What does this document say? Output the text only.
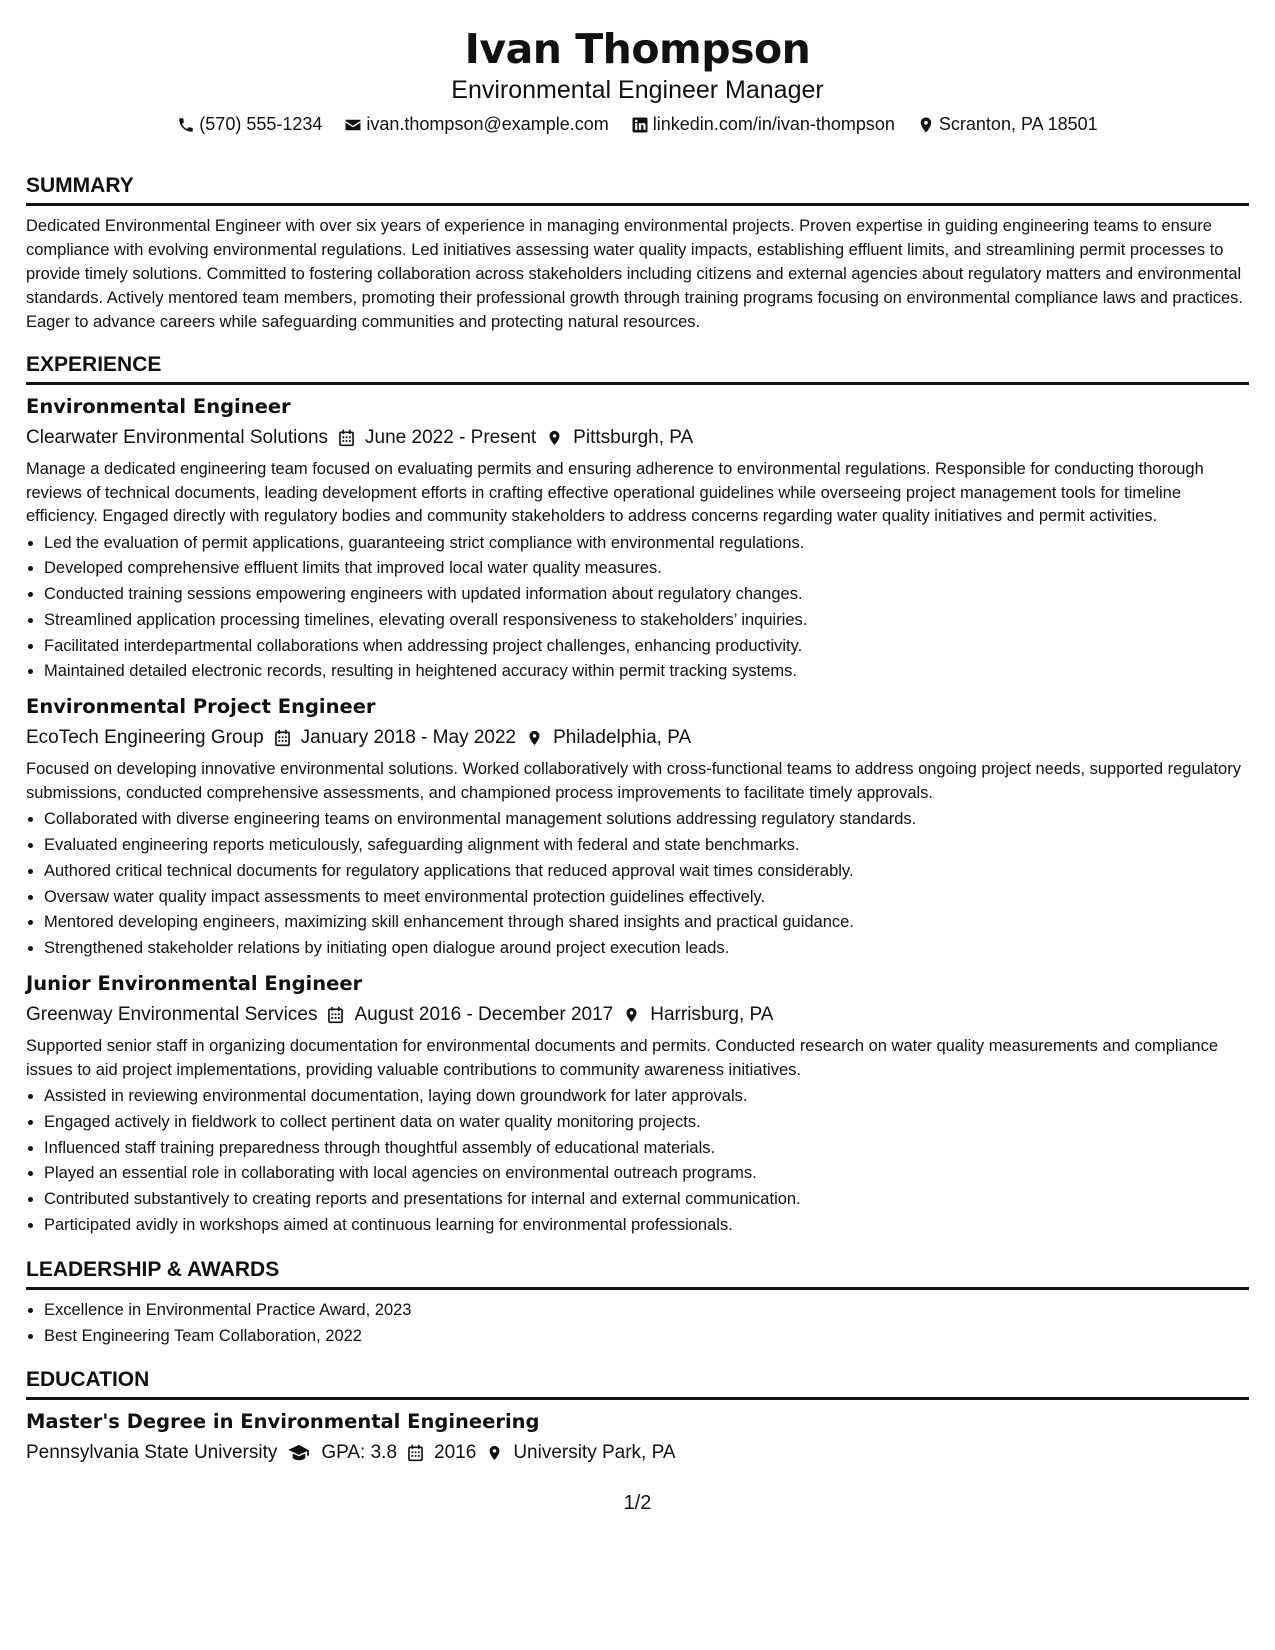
Ivan Thompson
Environmental Engineer Manager
(570) 555-1234 ivan.thompson@example.com linkedin.com/in/ivan-thompson Scranton, PA 18501
SUMMARY
Dedicated Environmental Engineer with over six years of experience in managing environmental projects. Proven expertise in guiding engineering teams to ensure compliance with evolving environmental regulations. Led initiatives assessing water quality impacts, establishing effluent limits, and streamlining permit processes to provide timely solutions. Committed to fostering collaboration across stakeholders including citizens and external agencies about regulatory matters and environmental standards. Actively mentored team members, promoting their professional growth through training programs focusing on environmental compliance laws and practices. Eager to advance careers while safeguarding communities and protecting natural resources.
EXPERIENCE
Environmental Engineer
Clearwater Environmental Solutions June 2022 - Present Pittsburgh, PA
Manage a dedicated engineering team focused on evaluating permits and ensuring adherence to environmental regulations. Responsible for conducting thorough reviews of technical documents, leading development efforts in crafting effective operational guidelines while overseeing project management tools for timeline efficiency. Engaged directly with regulatory bodies and community stakeholders to address concerns regarding water quality initiatives and permit activities.
• Led the evaluation of permit applications, guaranteeing strict compliance with environmental regulations.
• Developed comprehensive effluent limits that improved local water quality measures.
• Conducted training sessions empowering engineers with updated information about regulatory changes.
• Streamlined application processing timelines, elevating overall responsiveness to stakeholders’ inquiries.
• Facilitated interdepartmental collaborations when addressing project challenges, enhancing productivity.
• Maintained detailed electronic records, resulting in heightened accuracy within permit tracking systems.
Environmental Project Engineer
EcoTech Engineering Group January 2018 - May 2022 Philadelphia, PA
Focused on developing innovative environmental solutions. Worked collaboratively with cross-functional teams to address ongoing project needs, supported regulatory submissions, conducted comprehensive assessments, and championed process improvements to facilitate timely approvals.
• Collaborated with diverse engineering teams on environmental management solutions addressing regulatory standards.
• Evaluated engineering reports meticulously, safeguarding alignment with federal and state benchmarks.
• Authored critical technical documents for regulatory applications that reduced approval wait times considerably.
• Oversaw water quality impact assessments to meet environmental protection guidelines effectively.
• Mentored developing engineers, maximizing skill enhancement through shared insights and practical guidance.
• Strengthened stakeholder relations by initiating open dialogue around project execution leads.
Junior Environmental Engineer
Greenway Environmental Services August 2016 - December 2017 Harrisburg, PA
Supported senior staff in organizing documentation for environmental documents and permits. Conducted research on water quality measurements and compliance issues to aid project implementations, providing valuable contributions to community awareness initiatives.
• Assisted in reviewing environmental documentation, laying down groundwork for later approvals.
• Engaged actively in fieldwork to collect pertinent data on water quality monitoring projects.
• Influenced staff training preparedness through thoughtful assembly of educational materials.
• Played an essential role in collaborating with local agencies on environmental outreach programs.
• Contributed substantively to creating reports and presentations for internal and external communication.
• Participated avidly in workshops aimed at continuous learning for environmental professionals.
LEADERSHIP & AWARDS
• Excellence in Environmental Practice Award, 2023
• Best Engineering Team Collaboration, 2022
EDUCATION
Master's Degree in Environmental Engineering
Pennsylvania State University GPA: 3.8 2016 University Park, PA
1/2
